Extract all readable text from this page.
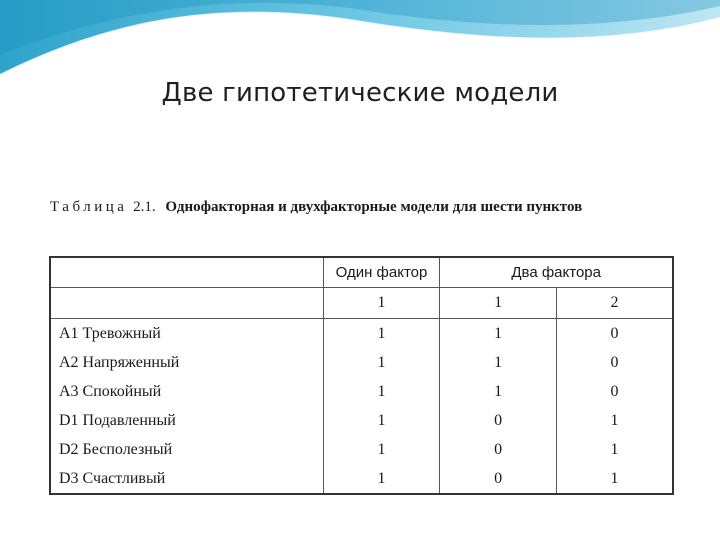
Две гипотетические модели
Таблица 2.1. Однофакторная и двухфакторные модели для шести пунктов
	Один фактор	Два фактора	
	1	1	2
A1 Тревожный	1	1	0
A2 Напряженный	1	1	0
A3 Спокойный	1	1	0
D1 Подавленный	1	0	1
D2 Бесполезный	1	0	1
D3 Счастливый	1	0	1
